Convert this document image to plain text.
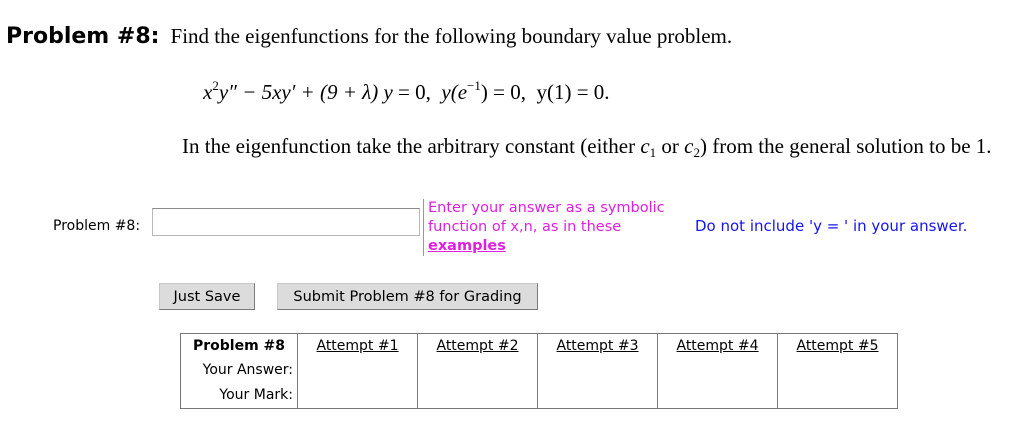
Problem #8: Find the eigenfunctions for the following boundary value problem.
$x^2y'' - 5xy' + (9 + \lambda) y = 0$,  $y(e^{-1}) = 0$,  y(1) = 0.
In the eigenfunction take the arbitrary constant (either $c_1$ or $c_2$) from the general solution to be 1.
Problem #8:
Enter your answer as a symbolic function of x,n, as in these
examples
Do not include 'y = ' in your answer.
Just Save	Submit Problem #8 for Grading
Problem #8	Attempt #1	Attempt #2	Attempt #3	Attempt #4	Attempt #5
Your Answer:					
Your Mark:					
